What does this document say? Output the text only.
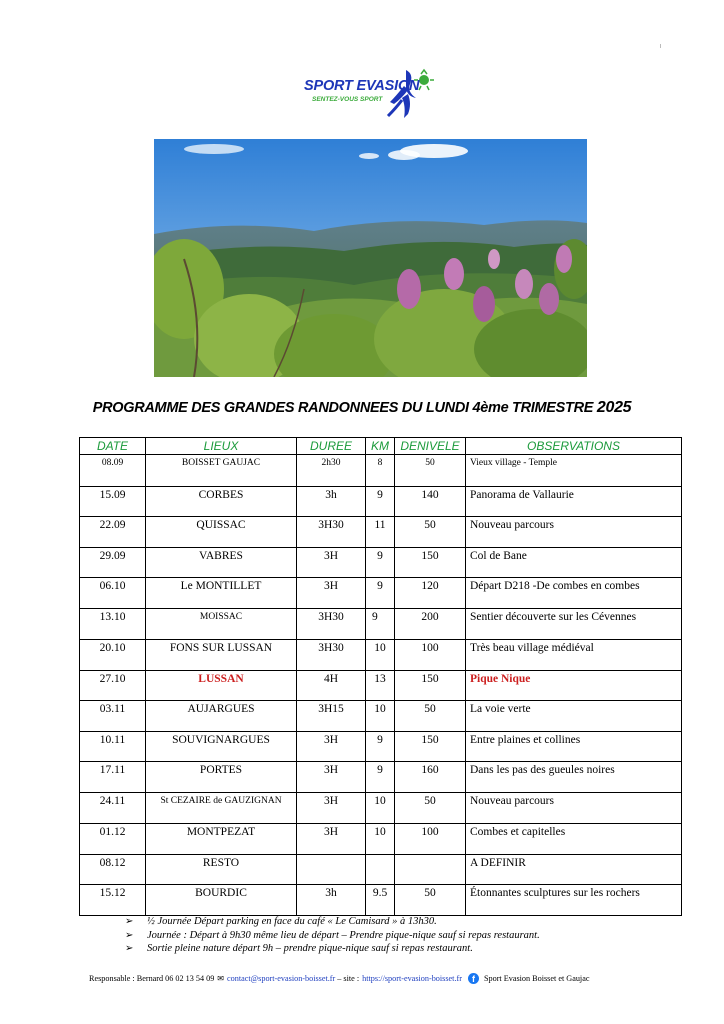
SPORT EVASION
SENTEZ-VOUS SPORT
PROGRAMME DES GRANDES RANDONNEES DU LUNDI 4ème TRIMESTRE 2025
DATE	LIEUX	DUREE	KM	DENIVELE	OBSERVATIONS
08.09	BOISSET GAUJAC	2h30	8	50	Vieux village - Temple
15.09	CORBES	3h	9	140	Panorama de Vallaurie
22.09	QUISSAC	3H30	11	50	Nouveau parcours
29.09	VABRES	3H	9	150	Col de Bane
06.10	Le MONTILLET	3H	9	120	Départ D218 -De combes en combes
13.10	MOISSAC	3H30	9	200	Sentier découverte sur les Cévennes
20.10	FONS SUR LUSSAN	3H30	10	100	Très beau village médiéval
27.10	LUSSAN	4H	13	150	Pique Nique
03.11	AUJARGUES	3H15	10	50	La voie verte
10.11	SOUVIGNARGUES	3H	9	150	Entre plaines et collines
17.11	PORTES	3H	9	160	Dans les pas des gueules noires
24.11	St CEZAIRE de GAUZIGNAN	3H	10	50	Nouveau parcours
01.12	MONTPEZAT	3H	10	100	Combes et capitelles
08.12	RESTO				A DEFINIR
15.12	BOURDIC	3h	9.5	50	Étonnantes sculptures sur les rochers
➢	½ Journée Départ parking en face du café « Le Camisard » à 13h30.
➢	Journée : Départ à 9h30 même lieu de départ – Prendre pique-nique sauf si repas restaurant.
➢	Sortie pleine nature départ 9h – prendre pique-nique sauf si repas restaurant.
Responsable : Bernard 06 02 13 54 09 ✉ contact@sport-evasion-boisset.fr – site : https://sport-evasion-boisset.fr	f	Sport Evasion Boisset et Gaujac
